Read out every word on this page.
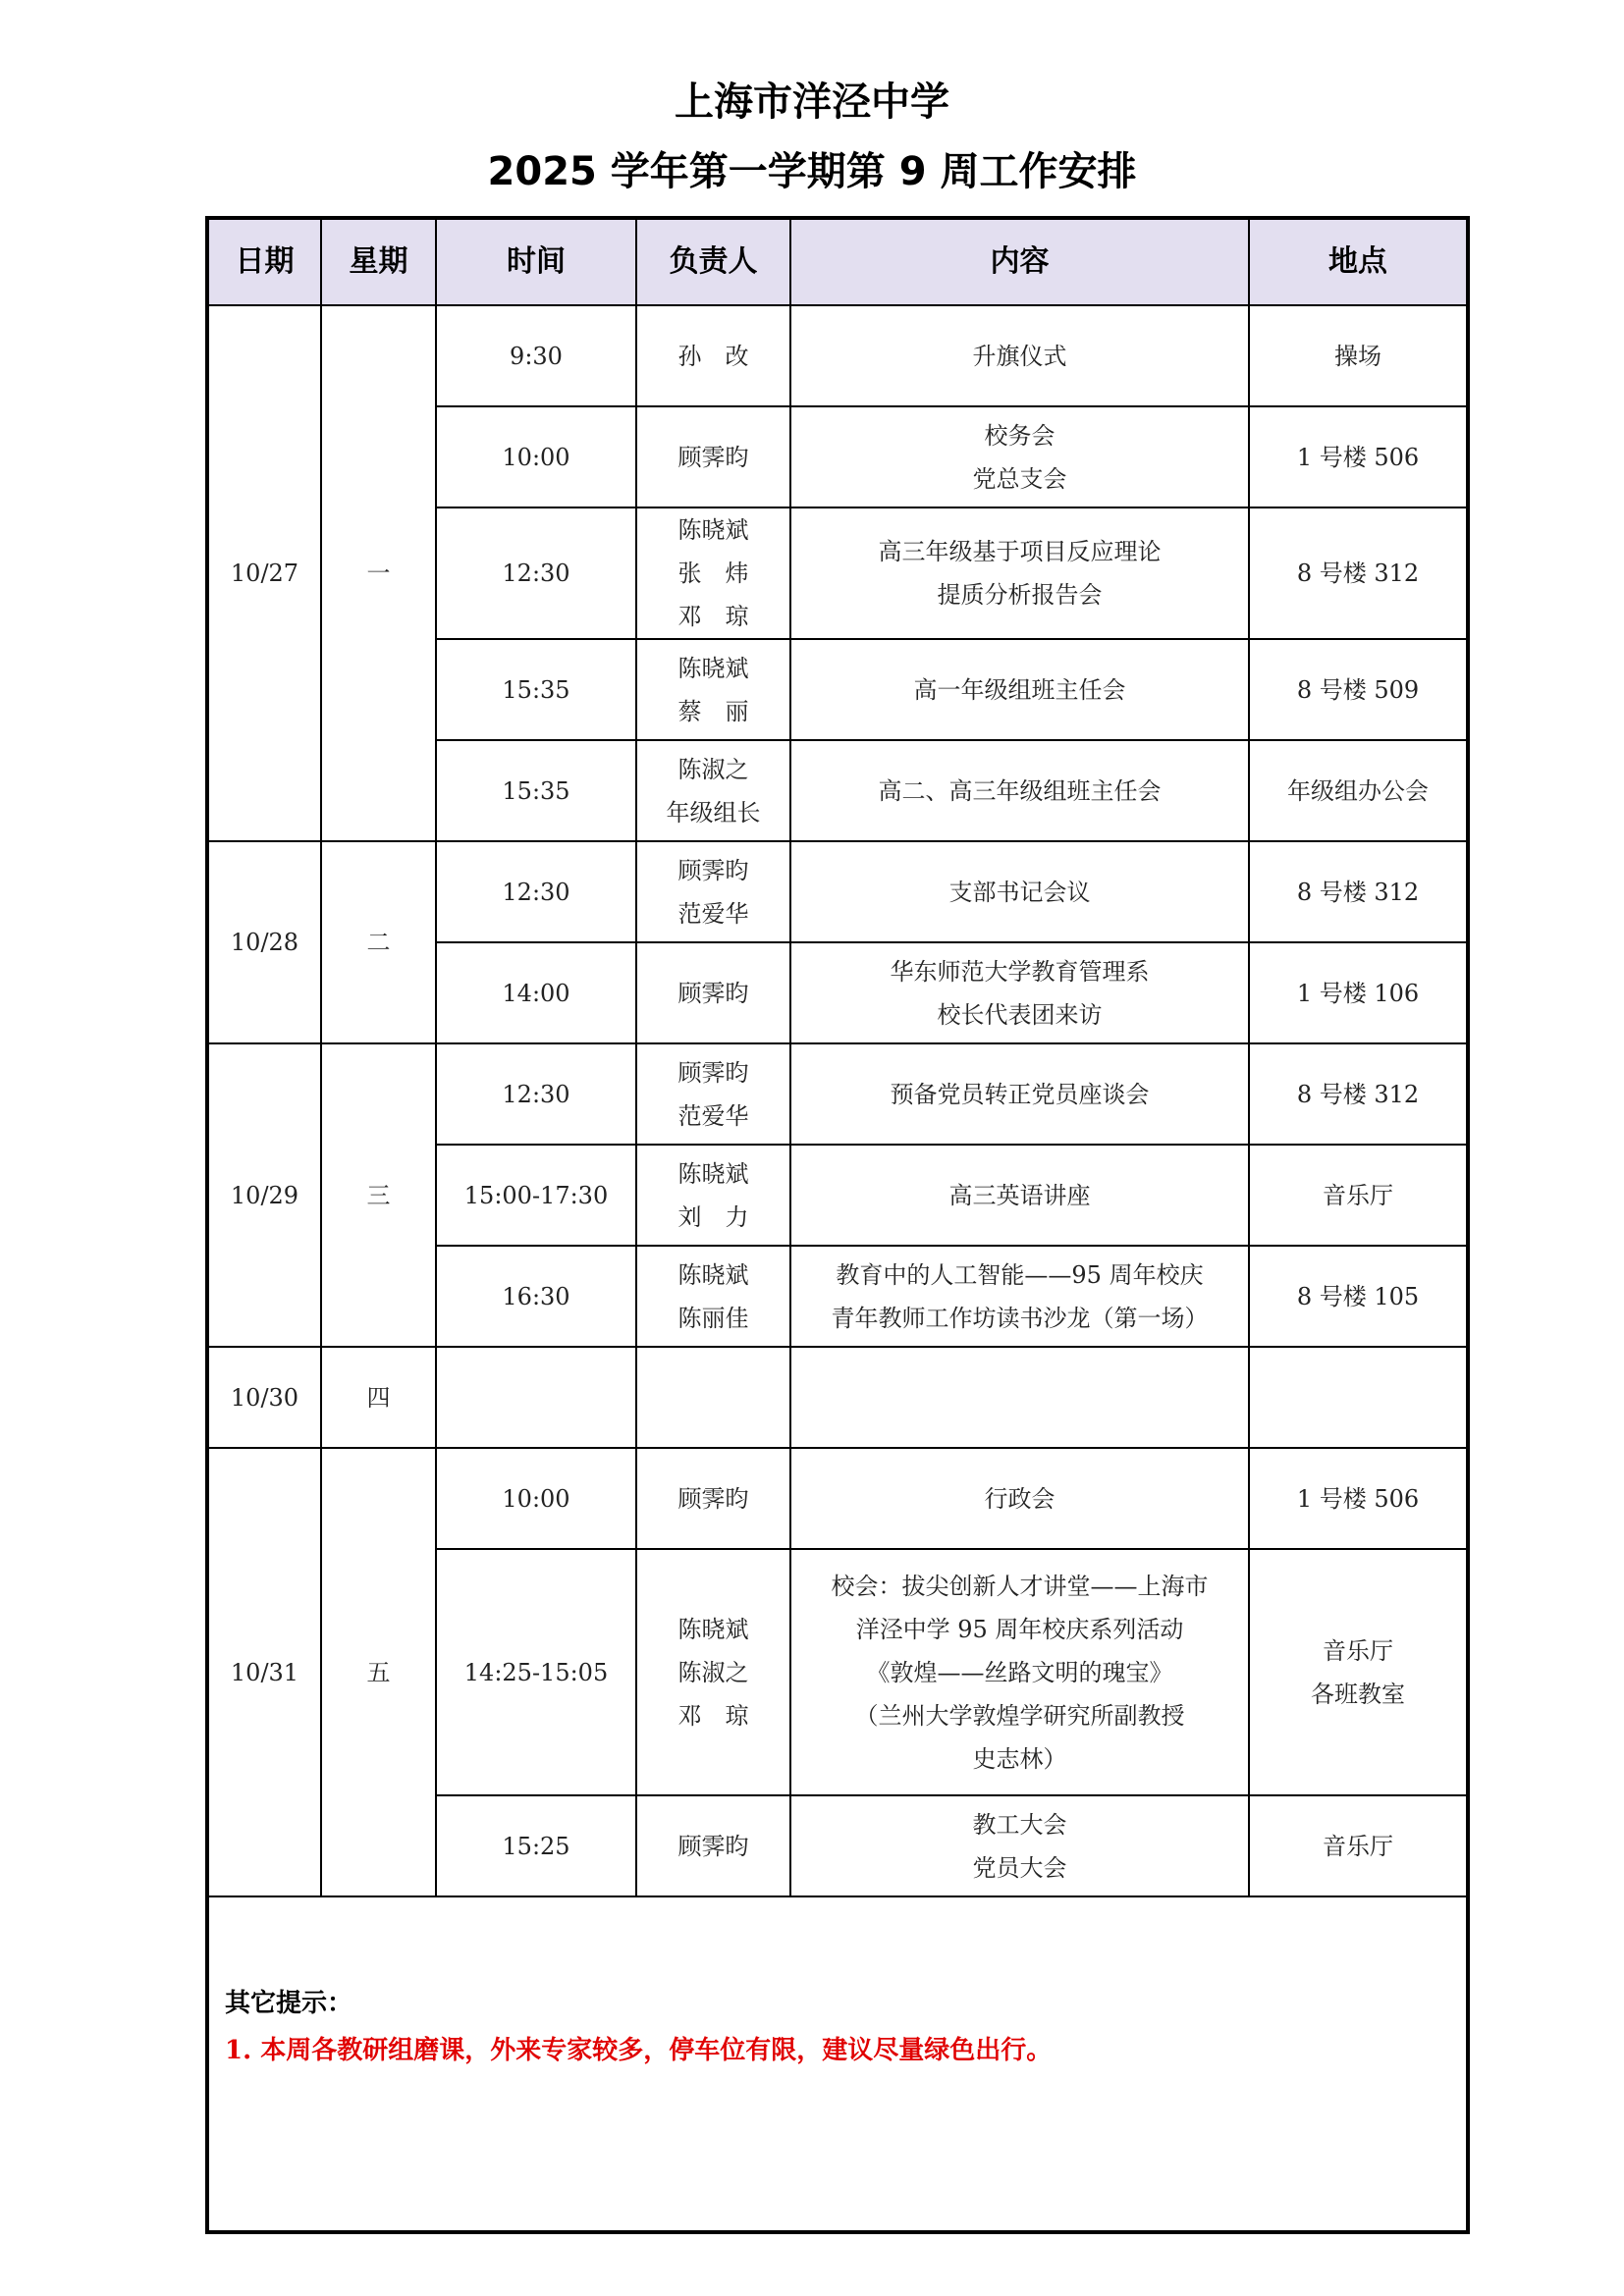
上海市洋泾中学
2025 学年第一学期第 9 周工作安排
日期	星期	时间	负责人	内容	地点
10/27	一	9:30	孙　改	升旗仪式	操场

		10:00	顾霁昀	校务会
党总支会	1 号楼 506

		12:30	陈晓斌
张　炜
邓　琼	高三年级基于项目反应理论
提质分析报告会	8 号楼 312

		15:35	陈晓斌
蔡　丽	高一年级组班主任会	8 号楼 509

		15:35	陈淑之
年级组长	高二、高三年级组班主任会	年级组办公会

10/28	二	12:30	顾霁昀
范爱华	支部书记会议	8 号楼 312

		14:00	顾霁昀	华东师范大学教育管理系
校长代表团来访	1 号楼 106

10/29	三	12:30	顾霁昀
范爱华	预备党员转正党员座谈会	8 号楼 312

		15:00-17:30	陈晓斌
刘　力	高三英语讲座	音乐厅

		16:30	陈晓斌
陈丽佳	教育中的人工智能——95 周年校庆
青年教师工作坊读书沙龙（第一场）	8 号楼 105

10/30	四		

10/31	五	10:00	顾霁昀	行政会	1 号楼 506

		14:25-15:05	陈晓斌
陈淑之
邓　琼	校会：拔尖创新人才讲堂——上海市
洋泾中学 95 周年校庆系列活动
《敦煌——丝路文明的瑰宝》
（兰州大学敦煌学研究所副教授
史志林）	音乐厅
各班教室

		15:25	顾霁昀	教工大会
党员大会	音乐厅

其它提示：
1. 本周各教研组磨课，外来专家较多，停车位有限，建议尽量绿色出行。					
